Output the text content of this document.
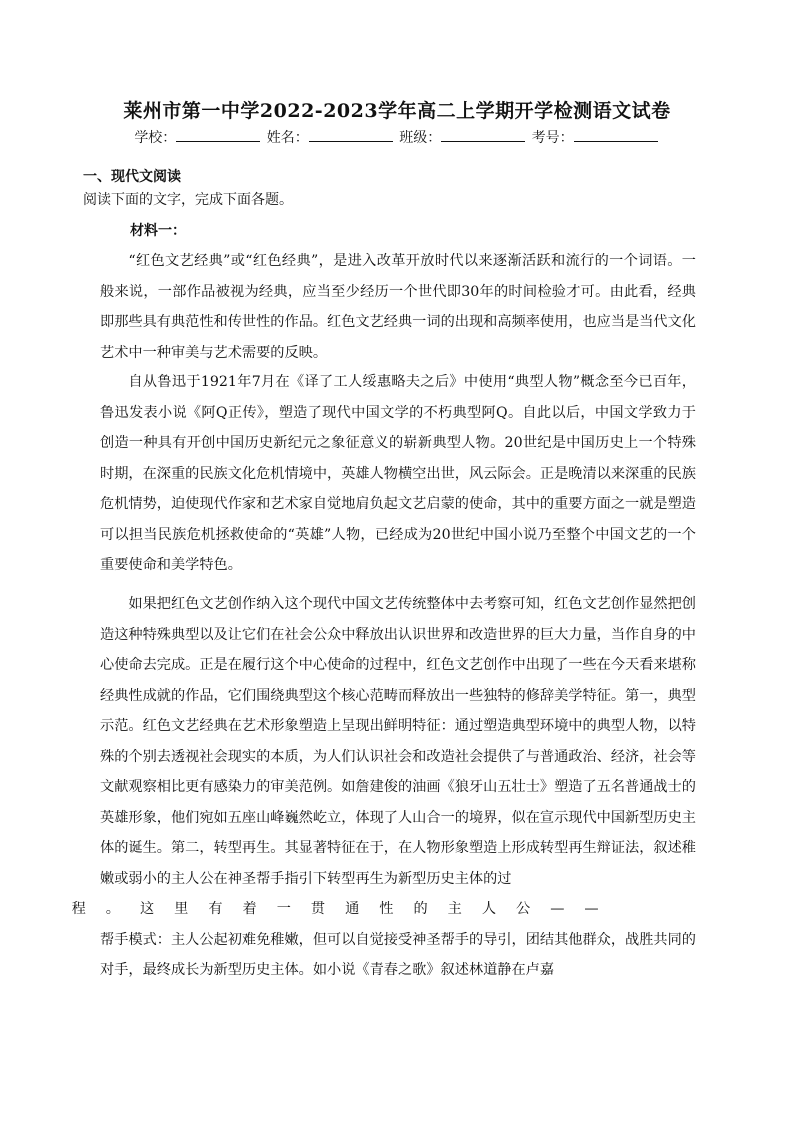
莱州市第一中学2022-2023学年高二上学期开学检测语文试卷
学校：	姓名：	班级：	考号：
一、现代文阅读
阅读下面的文字，完成下面各题。
材料一：

“红色文艺经典”或“红色经典”，是进入改革开放时代以来逐渐活跃和流行的一个词语。一般来说，一部作品被视为经典，应当至少经历一个世代即30年的时间检验才可。由此看，经典即那些具有典范性和传世性的作品。红色文艺经典一词的出现和高频率使用，也应当是当代文化艺术中一种审美与艺术需要的反映。

自从鲁迅于1921年7月在《译了工人绥惠略夫之后》中使用“典型人物”概念至今已百年，鲁迅发表小说《阿Q正传》，塑造了现代中国文学的不朽典型阿Q。自此以后，中国文学致力于创造一种具有开创中国历史新纪元之象征意义的崭新典型人物。20世纪是中国历史上一个特殊时期，在深重的民族文化危机情境中，英雄人物横空出世，风云际会。正是晚清以来深重的民族危机情势，迫使现代作家和艺术家自觉地肩负起文艺启蒙的使命，其中的重要方面之一就是塑造可以担当民族危机拯救使命的“英雄”人物，已经成为20世纪中国小说乃至整个中国文艺的一个重要使命和美学特色。

如果把红色文艺创作纳入这个现代中国文艺传统整体中去考察可知，红色文艺创作显然把创造这种特殊典型以及让它们在社会公众中释放出认识世界和改造世界的巨大力量，当作自身的中心使命去完成。正是在履行这个中心使命的过程中，红色文艺创作中出现了一些在今天看来堪称经典性成就的作品，它们围绕典型这个核心范畴而释放出一些独特的修辞美学特征。第一，典型示范。红色文艺经典在艺术形象塑造上呈现出鲜明特征：通过塑造典型环境中的典型人物，以特殊的个别去透视社会现实的本质，为人们认识社会和改造社会提供了与普通政治、经济，社会等文献观察相比更有感染力的审美范例。如詹建俊的油画《狼牙山五壮士》塑造了五名普通战士的英雄形象，他们宛如五座山峰巍然屹立，体现了人山合一的境界，似在宣示现代中国新型历史主体的诞生。第二，转型再生。其显著特征在于，在人物形象塑造上形成转型再生辩证法，叙述稚嫩或弱小的主人公在神圣帮手指引下转型再生为新型历史主体的过
程。这里有着一贯通性的主人公——

帮手模式：主人公起初难免稚嫩，但可以自觉接受神圣帮手的导引，团结其他群众，战胜共同的对手，最终成长为新型历史主体。如小说《青春之歌》叙述林道静在卢嘉
